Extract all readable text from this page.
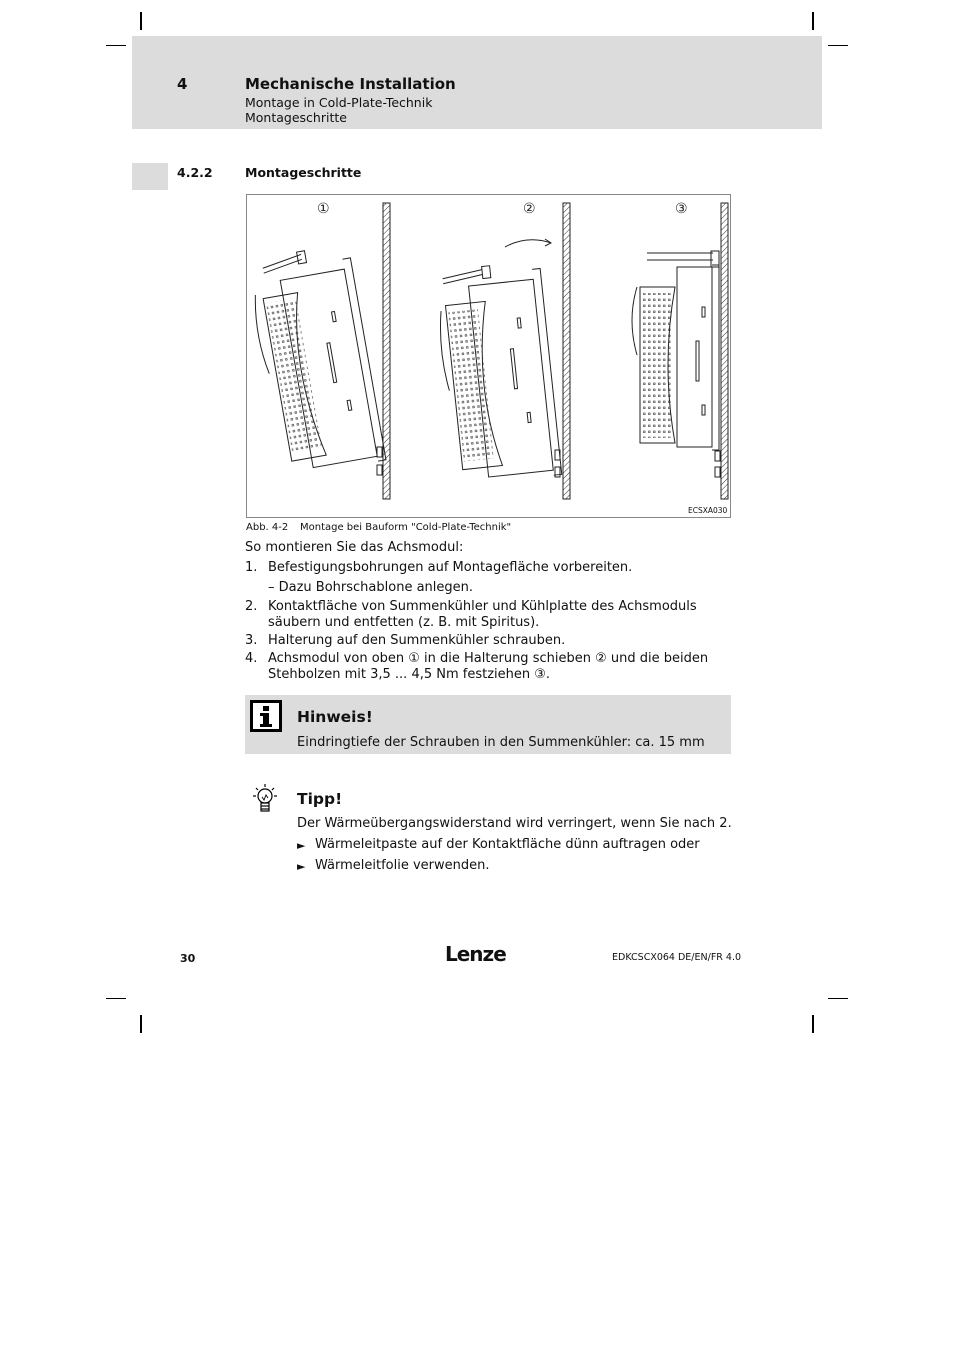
4	Mechanische Installation
Montage in Cold-Plate-Technik
Montageschritte
4.2.2	Montageschritte
①	②	③
ECSXA030
Abb. 4-2 Montage bei Bauform "Cold-Plate-Technik"
So montieren Sie das Achsmodul:
1. Befestigungsbohrungen auf Montagefläche vorbereiten.
– Dazu Bohrschablone anlegen.
2. Kontaktfläche von Summenkühler und Kühlplatte des Achsmoduls
säubern und entfetten (z. B. mit Spiritus).
3. Halterung auf den Summenkühler schrauben.
4. Achsmodul von oben ① in die Halterung schieben ② und die beiden
Stehbolzen mit 3,5 ... 4,5 Nm festziehen ③.
Hinweis!
Eindringtiefe der Schrauben in den Summenkühler: ca. 15 mm
Tipp!
Der Wärmeübergangswiderstand wird verringert, wenn Sie nach 2.
► Wärmeleitpaste auf der Kontaktfläche dünn auftragen oder
► Wärmeleitfolie verwenden.
30	Lenze	EDKCSCX064 DE/EN/FR 4.0
